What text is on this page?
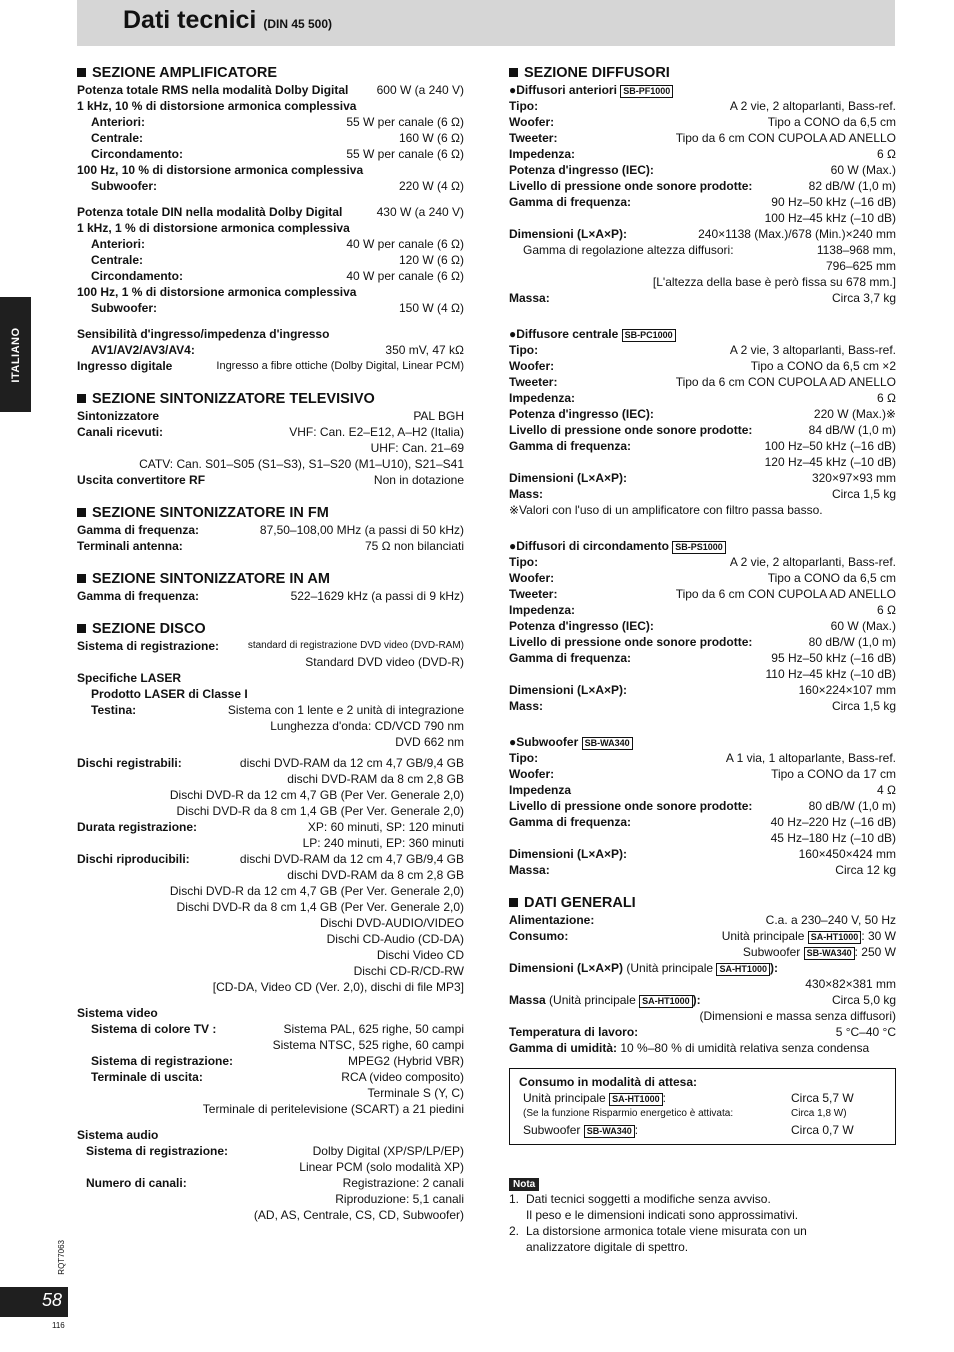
Dati tecnici (DIN 45 500)
ITALIANO
RQT7063
58
116
SEZIONE AMPLIFICATORE
Potenza totale RMS nella modalità Dolby Digital 600 W (a 240 V)
1 kHz, 10 % di distorsione armonica complessiva
Anteriori:	55 W per canale (6 Ω)
Centrale:	160 W (6 Ω)
Circondamento:	55 W per canale (6 Ω)
100 Hz, 10 % di distorsione armonica complessiva
Subwoofer:	220 W (4 Ω)
Potenza totale DIN nella modalità Dolby Digital	430 W (a 240 V)
1 kHz, 1 % di distorsione armonica complessiva
Anteriori:	40 W per canale (6 Ω)
Centrale:	120 W (6 Ω)
Circondamento:	40 W per canale (6 Ω)
100 Hz, 1 % di distorsione armonica complessiva
Subwoofer:	150 W (4 Ω)
Sensibilità d'ingresso/impedenza d'ingresso
AV1/AV2/AV3/AV4:	350 mV, 47 kΩ
Ingresso digitale	Ingresso a fibre ottiche (Dolby Digital, Linear PCM)
SEZIONE SINTONIZZATORE TELEVISIVO
Sintonizzatore	PAL BGH
Canali ricevuti:	VHF: Can. E2–E12, A–H2 (Italia)
UHF: Can. 21–69
CATV: Can. S01–S05 (S1–S3), S1–S20 (M1–U10), S21–S41
Uscita convertitore RF	Non in dotazione
SEZIONE SINTONIZZATORE IN FM
Gamma di frequenza:	87,50–108,00 MHz (a passi di 50 kHz)
Terminali antenna:	75 Ω non bilanciati
SEZIONE SINTONIZZATORE IN AM
Gamma di frequenza:	522–1629 kHz (a passi di 9 kHz)
SEZIONE DISCO
Sistema di registrazione:	standard di registrazione DVD video (DVD-RAM)
Standard DVD video (DVD-R)
Specifiche LASER
Prodotto LASER di Classe I
Testina:	Sistema con 1 lente e 2 unità di integrazione
Lunghezza d'onda: CD/VCD 790 nm
DVD 662 nm
Dischi registrabili:	dischi DVD-RAM da 12 cm 4,7 GB/9,4 GB
dischi DVD-RAM da 8 cm 2,8 GB
Dischi DVD-R da 12 cm 4,7 GB (Per Ver. Generale 2,0)
Dischi DVD-R da 8 cm 1,4 GB (Per Ver. Generale 2,0)
Durata registrazione:	XP: 60 minuti, SP: 120 minuti
LP: 240 minuti, EP: 360 minuti
Dischi riproducibili:	dischi DVD-RAM da 12 cm 4,7 GB/9,4 GB
dischi DVD-RAM da 8 cm 2,8 GB
Dischi DVD-R da 12 cm 4,7 GB (Per Ver. Generale 2,0)
Dischi DVD-R da 8 cm 1,4 GB (Per Ver. Generale 2,0)
Dischi DVD-AUDIO/VIDEO
Dischi CD-Audio (CD-DA)
Dischi Video CD
Dischi CD-R/CD-RW
[CD-DA, Video CD (Ver. 2,0), dischi di file MP3]
Sistema video
Sistema di colore TV :	Sistema PAL, 625 righe, 50 campi
Sistema NTSC, 525 righe, 60 campi
Sistema di registrazione:	MPEG2 (Hybrid VBR)
Terminale di uscita:	RCA (video composito)
Terminale S (Y, C)
Terminale di peritelevisione (SCART) a 21 piedini
Sistema audio
Sistema di registrazione:	Dolby Digital (XP/SP/LP/EP)
Linear PCM (solo modalità XP)
Numero di canali:	Registrazione: 2 canali
Riproduzione: 5,1 canali
(AD, AS, Centrale, CS, CD, Subwoofer)
SEZIONE DIFFUSORI
●Diffusori anteriori SB-PF1000
Tipo:	A 2 vie, 2 altoparlanti, Bass-ref.
Woofer:	Tipo a CONO da 6,5 cm
Tweeter:	Tipo da 6 cm CON CUPOLA AD ANELLO
Impedenza:	6 Ω
Potenza d'ingresso (IEC):	60 W (Max.)
Livello di pressione onde sonore prodotte:	82 dB/W (1,0 m)
Gamma di frequenza:	90 Hz–50 kHz (–16 dB)
100 Hz–45 kHz (–10 dB)
Dimensioni (L×A×P):	240×1138 (Max.)/678 (Min.)×240 mm
Gamma di regolazione altezza diffusori:	1138–968 mm,
796–625 mm
[L'altezza della base è però fissa su 678 mm.]
Massa:	Circa 3,7 kg
●Diffusore centrale SB-PC1000
Tipo:	A 2 vie, 3 altoparlanti, Bass-ref.
Woofer:	Tipo a CONO da 6,5 cm ×2
Tweeter:	Tipo da 6 cm CON CUPOLA AD ANELLO
Impedenza:	6 Ω
Potenza d'ingresso (IEC):	220 W (Max.)※
Livello di pressione onde sonore prodotte:	84 dB/W (1,0 m)
Gamma di frequenza:	100 Hz–50 kHz (–16 dB)
120 Hz–45 kHz (–10 dB)
Dimensioni (L×A×P):	320×97×93 mm
Mass:	Circa 1,5 kg
※Valori con l'uso di un amplificatore con filtro passa basso.
●Diffusori di circondamento SB-PS1000
Tipo:	A 2 vie, 2 altoparlanti, Bass-ref.
Woofer:	Tipo a CONO da 6,5 cm
Tweeter:	Tipo da 6 cm CON CUPOLA AD ANELLO
Impedenza:	6 Ω
Potenza d'ingresso (IEC):	60 W (Max.)
Livello di pressione onde sonore prodotte:	80 dB/W (1,0 m)
Gamma di frequenza:	95 Hz–50 kHz (–16 dB)
110 Hz–45 kHz (–10 dB)
Dimensioni (L×A×P):	160×224×107 mm
Mass:	Circa 1,5 kg
●Subwoofer SB-WA340
Tipo:	A 1 via, 1 altoparlante, Bass-ref.
Woofer:	Tipo a CONO da 17 cm
Impedenza	4 Ω
Livello di pressione onde sonore prodotte:	80 dB/W (1,0 m)
Gamma di frequenza:	40 Hz–220 Hz (–16 dB)
45 Hz–180 Hz (–10 dB)
Dimensioni (L×A×P):	160×450×424 mm
Massa:	Circa 12 kg
DATI GENERALI
Alimentazione:	C.a. a 230–240 V, 50 Hz
Consumo:	Unità principale SA-HT1000 : 30 W
Subwoofer SB-WA340 : 250 W
Dimensioni (L×A×P) (Unità principale SA-HT1000 ):
430×82×381 mm
Massa (Unità principale SA-HT1000 ):	Circa 5,0 kg
(Dimensioni e massa senza diffusori)
Temperatura di lavoro:	5 °C–40 °C
Gamma di umidità: 10 %–80 % di umidità relativa senza condensa
Consumo in modalità di attesa:
Unità principale SA-HT1000 :	Circa 5,7 W
(Se la funzione Risparmio energetico è attivata:	Circa 1,8 W)
Subwoofer SB-WA340 :	Circa 0,7 W
Nota
1. Dati tecnici soggetti a modifiche senza avviso.
Il peso e le dimensioni indicati sono approssimativi.
2. La distorsione armonica totale viene misurata con un
analizzatore digitale di spettro.
